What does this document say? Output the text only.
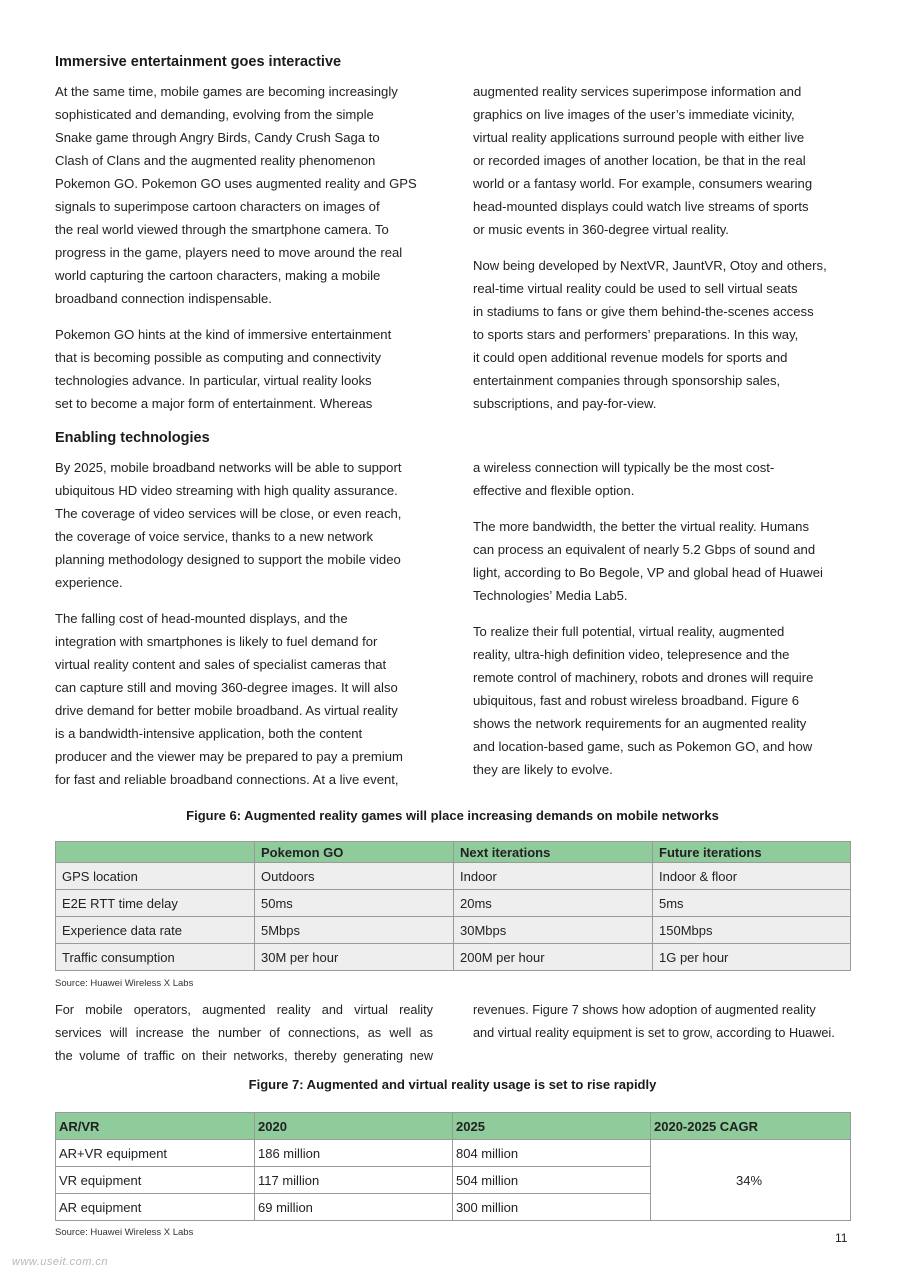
Immersive entertainment goes interactive

At the same time, mobile games are becoming increasingly
sophisticated and demanding, evolving from the simple
Snake game through Angry Birds, Candy Crush Saga to
Clash of Clans and the augmented reality phenomenon
Pokemon GO. Pokemon GO uses augmented reality and GPS
signals to superimpose cartoon characters on images of
the real world viewed through the smartphone camera. To
progress in the game, players need to move around the real
world capturing the cartoon characters, making a mobile
broadband connection indispensable.

Pokemon GO hints at the kind of immersive entertainment
that is becoming possible as computing and connectivity
technologies advance. In particular, virtual reality looks
set to become a major form of entertainment. Whereas

augmented reality services superimpose information and
graphics on live images of the user’s immediate vicinity,
virtual reality applications surround people with either live
or recorded images of another location, be that in the real
world or a fantasy world. For example, consumers wearing
head-mounted displays could watch live streams of sports
or music events in 360-degree virtual reality.

Now being developed by NextVR, JauntVR, Otoy and others,
real-time virtual reality could be used to sell virtual seats
in stadiums to fans or give them behind-the-scenes access
to sports stars and performers’ preparations. In this way,
it could open additional revenue models for sports and
entertainment companies through sponsorship sales,
subscriptions, and pay-for-view.

Enabling technologies

By 2025, mobile broadband networks will be able to support
ubiquitous HD video streaming with high quality assurance.
The coverage of video services will be close, or even reach,
the coverage of voice service, thanks to a new network
planning methodology designed to support the mobile video
experience.

The falling cost of head-mounted displays, and the
integration with smartphones is likely to fuel demand for
virtual reality content and sales of specialist cameras that
can capture still and moving 360-degree images. It will also
drive demand for better mobile broadband. As virtual reality
is a bandwidth-intensive application, both the content
producer and the viewer may be prepared to pay a premium
for fast and reliable broadband connections. At a live event,

a wireless connection will typically be the most cost-
effective and flexible option.

The more bandwidth, the better the virtual reality. Humans
can process an equivalent of nearly 5.2 Gbps of sound and
light, according to Bo Begole, VP and global head of Huawei
Technologies’ Media Lab5.

To realize their full potential, virtual reality, augmented
reality, ultra-high definition video, telepresence and the
remote control of machinery, robots and drones will require
ubiquitous, fast and robust wireless broadband. Figure 6
shows the network requirements for an augmented reality
and location-based game, such as Pokemon GO, and how
they are likely to evolve.

Figure 6: Augmented reality games will place increasing demands on mobile networks

	Pokemon GO	Next iterations	Future iterations
GPS location	Outdoors	Indoor	Indoor & floor
E2E RTT time delay	50ms	20ms	5ms
Experience data rate	5Mbps	30Mbps	150Mbps
Traffic consumption	30M per hour	200M per hour	1G per hour

Source: Huawei Wireless X Labs

For mobile operators, augmented reality and virtual reality
services will increase the number of connections, as well as
the volume of traffic on their networks, thereby generating new
revenues. Figure 7 shows how adoption of augmented reality
and virtual reality equipment is set to grow, according to Huawei.

Figure 7: Augmented and virtual reality usage is set to rise rapidly

AR/VR	2020	2025	2020-2025 CAGR
AR+VR equipment	186 million	804 million	34%
VR equipment	117 million	504 million	
AR equipment	69 million	300 million	

Source: Huawei Wireless X Labs	11

www.useit.com.cn
